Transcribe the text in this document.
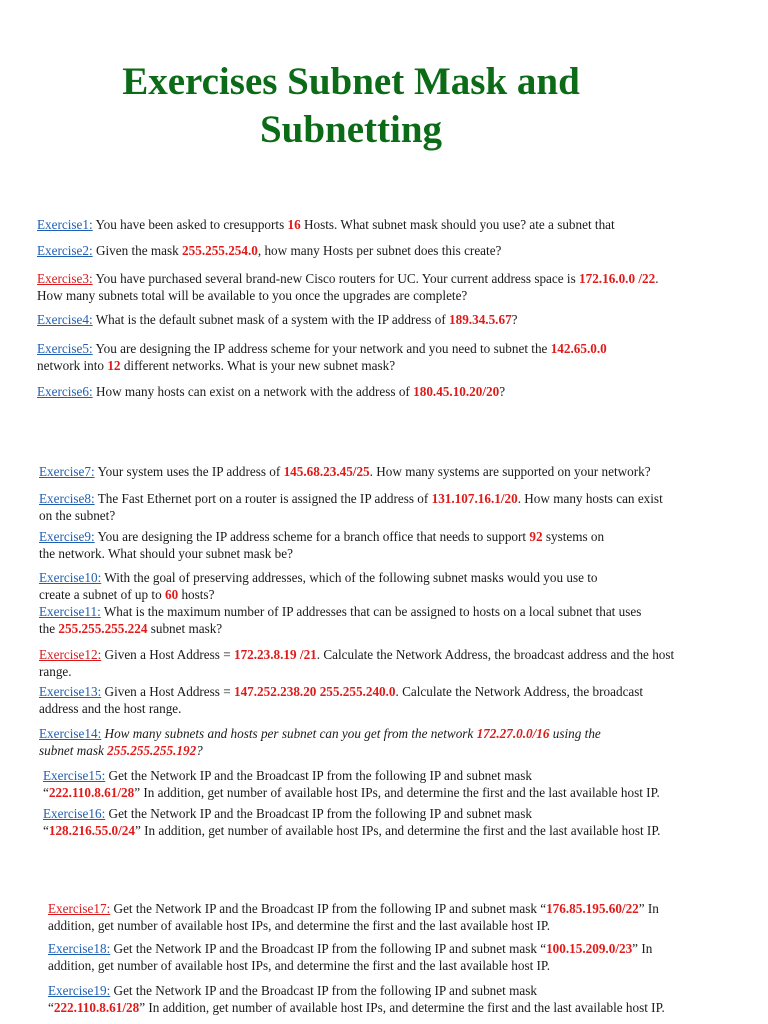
Exercises Subnet Mask and
Subnetting

Exercise1: You have been asked to cresupports 16 Hosts. What subnet mask should you use? ate a subnet that

Exercise2: Given the mask 255.255.254.0, how many Hosts per subnet does this create?

Exercise3: You have purchased several brand-new Cisco routers for UC. Your current address space is 172.16.0.0 /22.
How many subnets total will be available to you once the upgrades are complete?

Exercise4: What is the default subnet mask of a system with the IP address of 189.34.5.67?

Exercise5: You are designing the IP address scheme for your network and you need to subnet the 142.65.0.0
network into 12 different networks. What is your new subnet mask?

Exercise6: How many hosts can exist on a network with the address of 180.45.10.20/20?

Exercise7: Your system uses the IP address of 145.68.23.45/25. How many systems are supported on your network?

Exercise8: The Fast Ethernet port on a router is assigned the IP address of 131.107.16.1/20. How many hosts can exist
on the subnet?

Exercise9: You are designing the IP address scheme for a branch office that needs to support 92 systems on
the network. What should your subnet mask be?

Exercise10: With the goal of preserving addresses, which of the following subnet masks would you use to
create a subnet of up to 60 hosts?

Exercise11: What is the maximum number of IP addresses that can be assigned to hosts on a local subnet that uses
the 255.255.255.224 subnet mask?

Exercise12: Given a Host Address = 172.23.8.19 /21. Calculate the Network Address, the broadcast address and the host
range.

Exercise13: Given a Host Address = 147.252.238.20 255.255.240.0. Calculate the Network Address, the broadcast
address and the host range.

Exercise14: How many subnets and hosts per subnet can you get from the network 172.27.0.0/16 using the
subnet mask 255.255.255.192?

Exercise15: Get the Network IP and the Broadcast IP from the following IP and subnet mask
“222.110.8.61/28” In addition, get number of available host IPs, and determine the first and the last available host IP.

Exercise16: Get the Network IP and the Broadcast IP from the following IP and subnet mask
“128.216.55.0/24” In addition, get number of available host IPs, and determine the first and the last available host IP.

Exercise17: Get the Network IP and the Broadcast IP from the following IP and subnet mask “176.85.195.60/22” In
addition, get number of available host IPs, and determine the first and the last available host IP.

Exercise18: Get the Network IP and the Broadcast IP from the following IP and subnet mask “100.15.209.0/23” In
addition, get number of available host IPs, and determine the first and the last available host IP.

Exercise19: Get the Network IP and the Broadcast IP from the following IP and subnet mask
“222.110.8.61/28” In addition, get number of available host IPs, and determine the first and the last available host IP.
